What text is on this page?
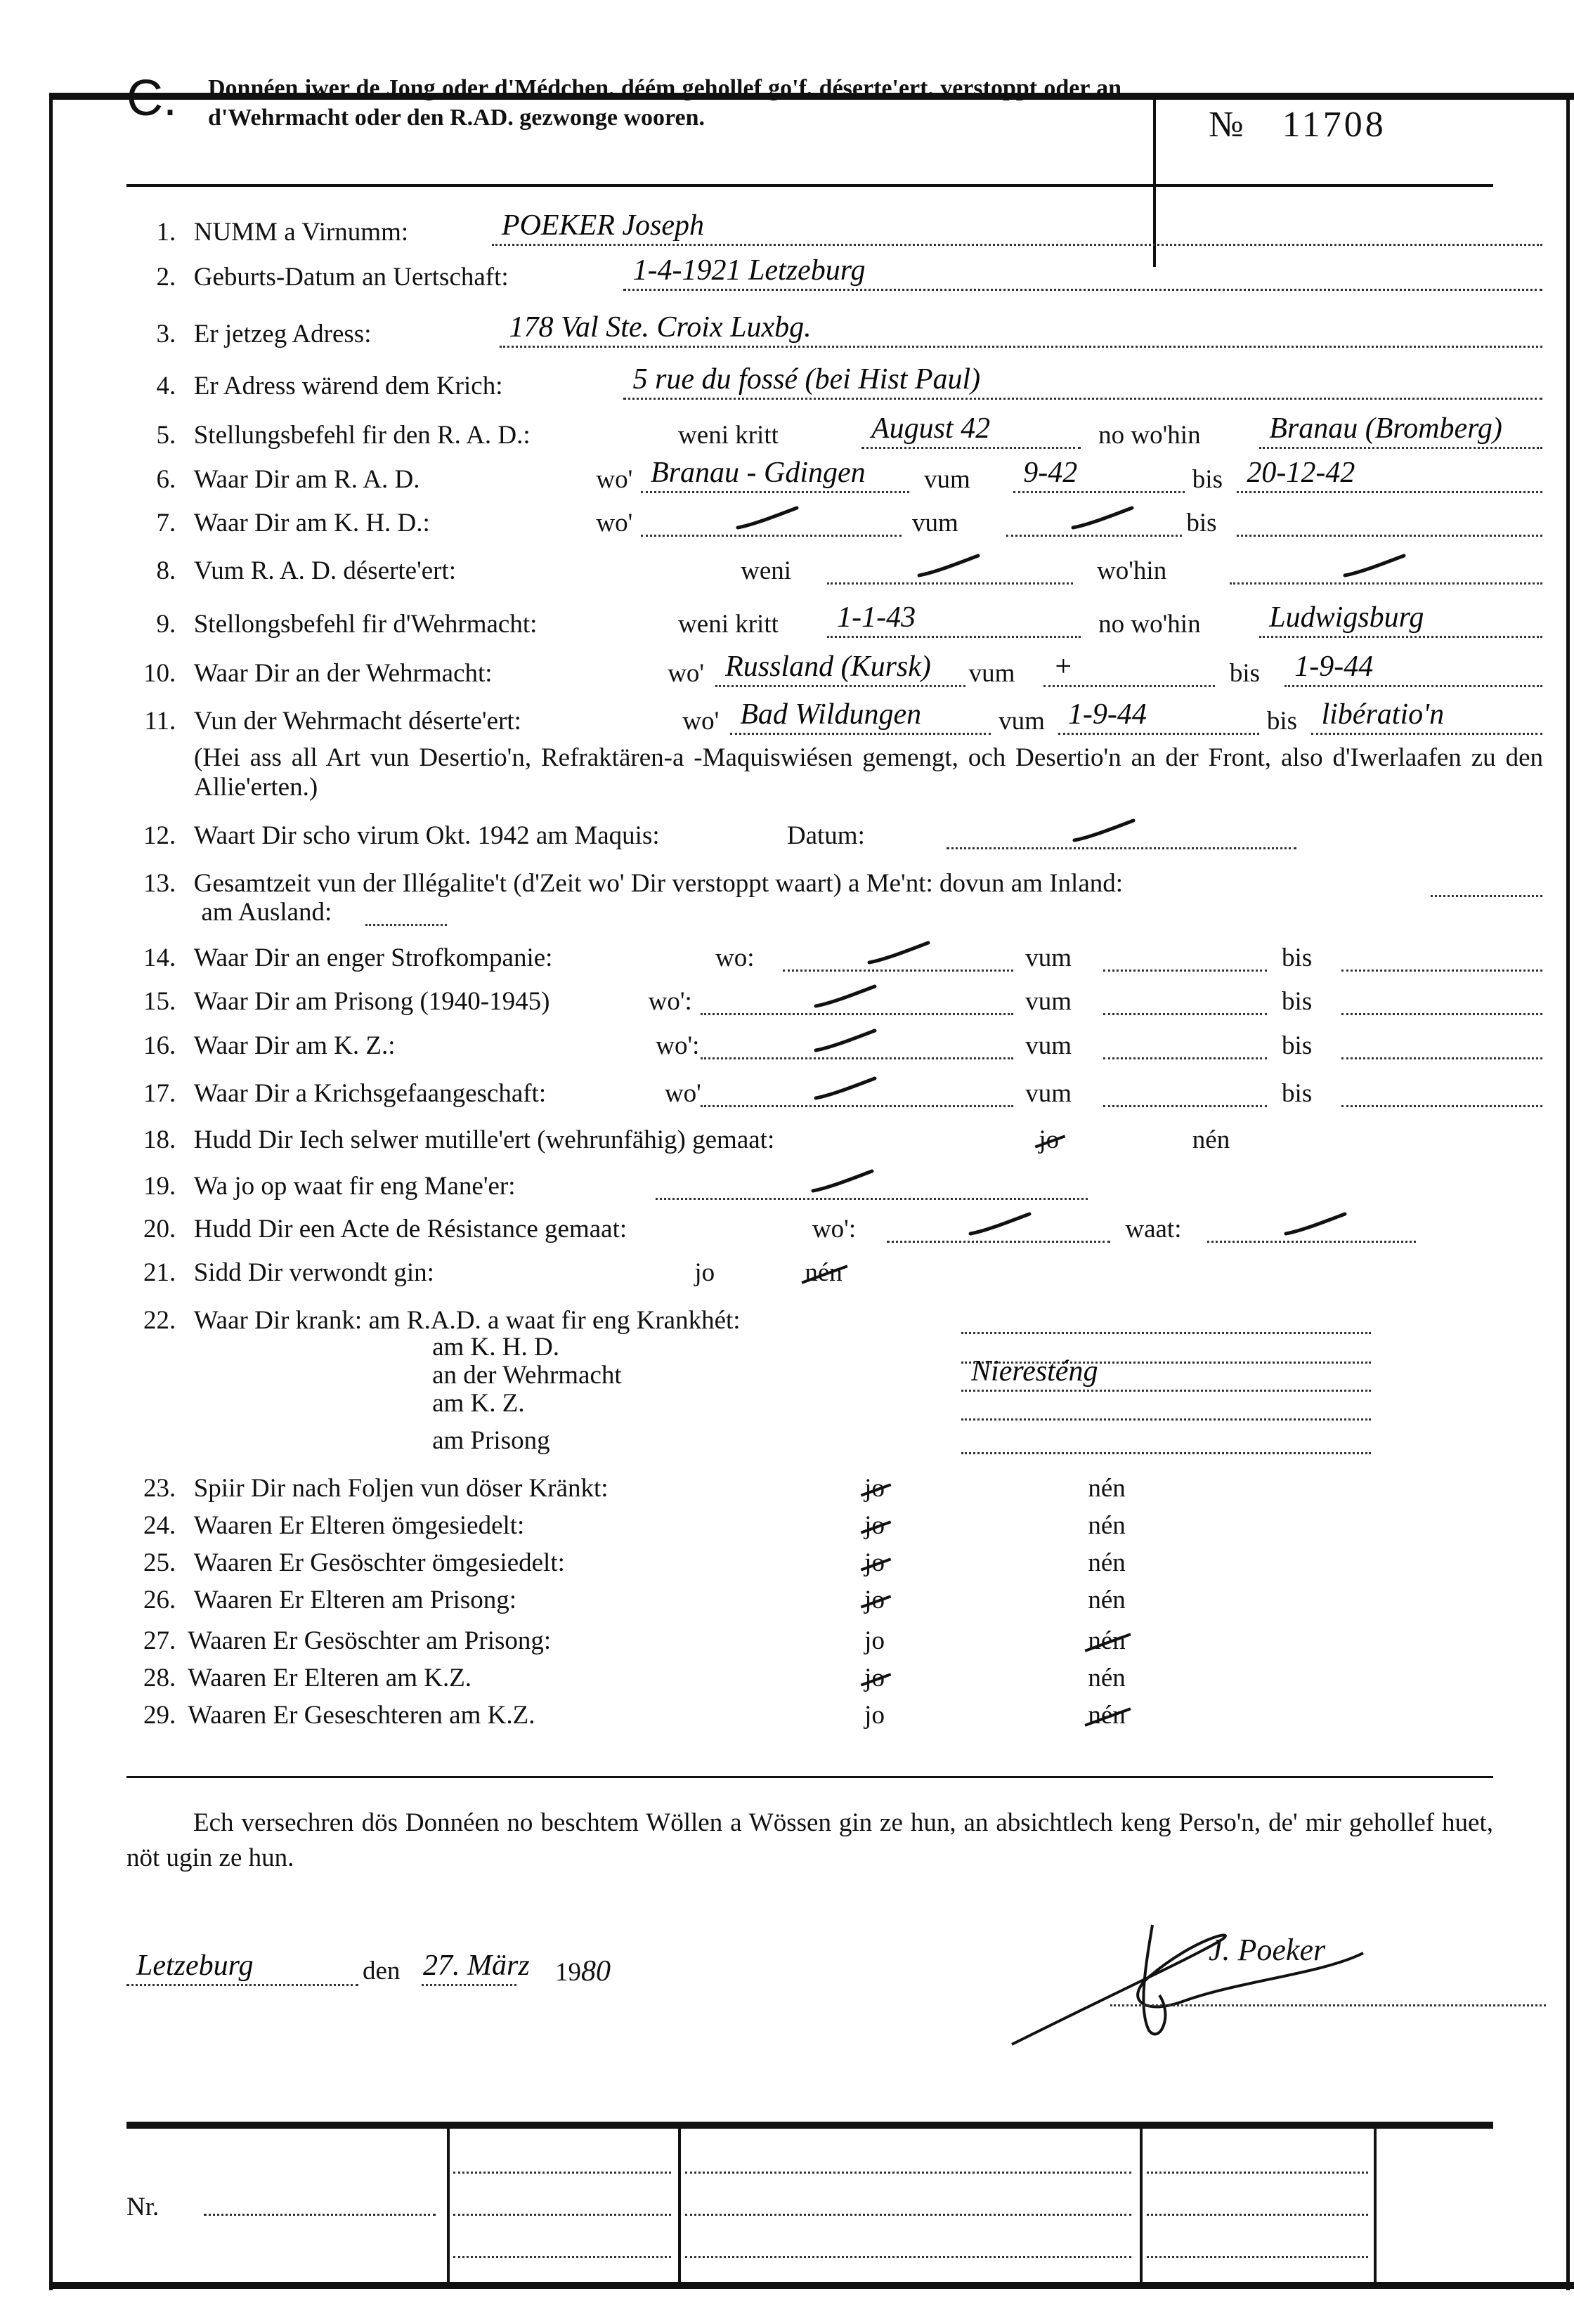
C. Donnéen iwer de Jong oder d'Médchen, déém gehollef go'f, déserte'ert, verstoppt oder an d'Wehrmacht oder den R.AD. gezwonge wooren.	№ 11708
1. NUMM a Virnumm:	POEKER Joseph
2. Geburts-Datum an Uertschaft:	1-4-1921 Letzeburg
3. Er jetzeg Adress:	178 Val Ste. Croix Luxbg.
4. Er Adress wärend dem Krich:	5 rue du fossé (bei Hist Paul)
5. Stellungsbefehl fir den R. A. D.:	weni kritt	August 42	no wo'hin Branau (Bromberg)
6. Waar Dir am R. A. D.	wo' Branau - Gdingen vum 9-42	bis 20-12-42
7. Waar Dir am K. H. D.:	wo'	vum	bis
8. Vum R. A. D. déserte'ert:	weni	wo'hin
9. Stellongsbefehl fir d'Wehrmacht:	weni kritt 1-1-43	no wo'hin Ludwigsburg
10. Waar Dir an der Wehrmacht:	wo' Russland (Kursk) vum +	bis 1-9-44
11. Vun der Wehrmacht déserte'ert:	wo' Bad Wildungen	vum 1-9-44	bis libératio'n
12. Waart Dir scho virum Okt. 1942 am Maquis:	Datum:
13. Gesamtzeit vun der Illégalite't (d'Zeit wo' Dir verstoppt waart) a Me'nt: dovun am Inland:
am Ausland:
14. Waar Dir an enger Strofkompanie:	wo:	vum	bis
15. Waar Dir am Prisong (1940-1945)	wo':	vum	bis
16. Waar Dir am K. Z.:	wo':	vum	bis
17. Waar Dir a Krichsgefaangeschaft:	wo'	vum	bis
18. Hudd Dir Iech selwer mutille'ert (wehrunfähig) gemaat:	jo	nén
19. Wa jo op waat fir eng Mane'er:
20. Hudd Dir een Acte de Résistance gemaat:	wo':	waat:
21. Sidd Dir verwondt gin:	jo	nén
22. Waar Dir krank: am R.A.D. a waat fir eng Krankhét:
am K. H. D.
an der Wehrmacht	Nieresténg
am K. Z.
am Prisong
23. Spiir Dir nach Foljen vun döser Kränkt:	jo	nén
24. Waaren Er Elteren ömgesiedelt:	jo	nén
25. Waaren Er Gesöschter ömgesiedelt:	jo	nén
26. Waaren Er Elteren am Prisong:	jo	nén
27. Waaren Er Gesöschter am Prisong:	jo	nén
28. Waaren Er Elteren am K.Z.	jo	nén
29. Waaren Er Geseschteren am K.Z.	jo	nén
(Hei ass all Art vun Desertio'n, Refraktären-a -Maquiswiésen gemengt, och Desertio'n an der Front, also d'Iwerlaafen zu den Allie'erten.)
Ech versechren dös Donnéen no beschtem Wöllen a Wössen gin ze hun, an absichtlech keng Perso'n, de' mir gehollef huet, nöt ugin ze hun.
Letzeburg	den 27. März 1980
J. Poeker
Nr.
